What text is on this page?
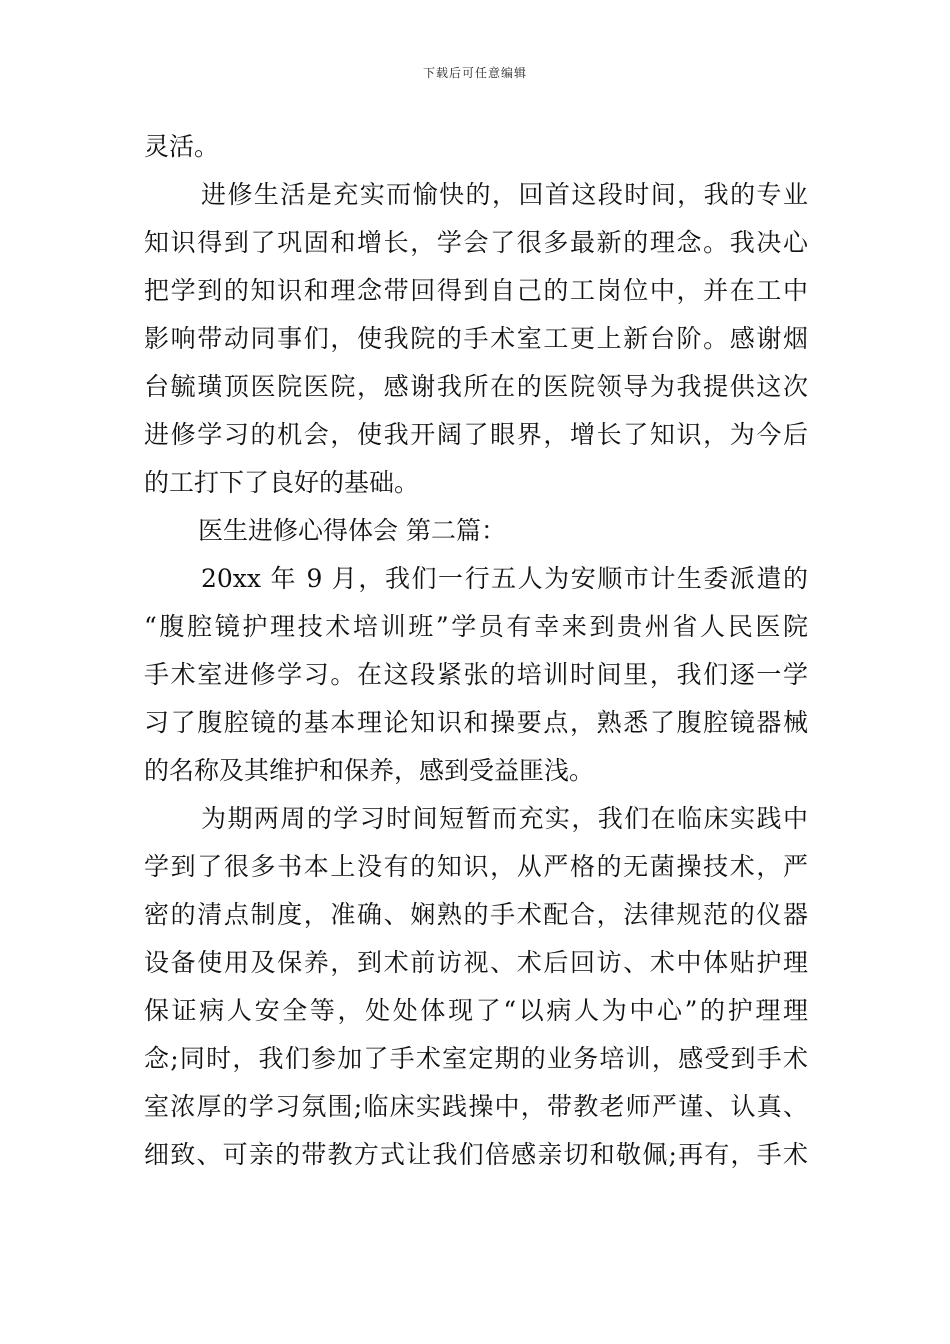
下载后可任意编辑
灵活。
进修生活是充实而愉快的，回首这段时间，我的专业
知识得到了巩固和增长，学会了很多最新的理念。我决心
把学到的知识和理念带回得到自己的工岗位中，并在工中
影响带动同事们，使我院的手术室工更上新台阶。感谢烟
台毓璜顶医院医院，感谢我所在的医院领导为我提供这次
进修学习的机会，使我开阔了眼界，增长了知识，为今后
的工打下了良好的基础。
医生进修心得体会 第二篇：
20xx 年 9 月，我们一行五人为安顺市计生委派遣的
“腹腔镜护理技术培训班”学员有幸来到贵州省人民医院
手术室进修学习。在这段紧张的培训时间里，我们逐一学
习了腹腔镜的基本理论知识和操要点，熟悉了腹腔镜器械
的名称及其维护和保养，感到受益匪浅。
为期两周的学习时间短暂而充实，我们在临床实践中
学到了很多书本上没有的知识，从严格的无菌操技术，严
密的清点制度，准确、娴熟的手术配合，法律规范的仪器
设备使用及保养，到术前访视、术后回访、术中体贴护理
保证病人安全等，处处体现了“以病人为中心”的护理理
念;同时，我们参加了手术室定期的业务培训，感受到手术
室浓厚的学习氛围;临床实践操中，带教老师严谨、认真、
细致、可亲的带教方式让我们倍感亲切和敬佩;再有，手术
